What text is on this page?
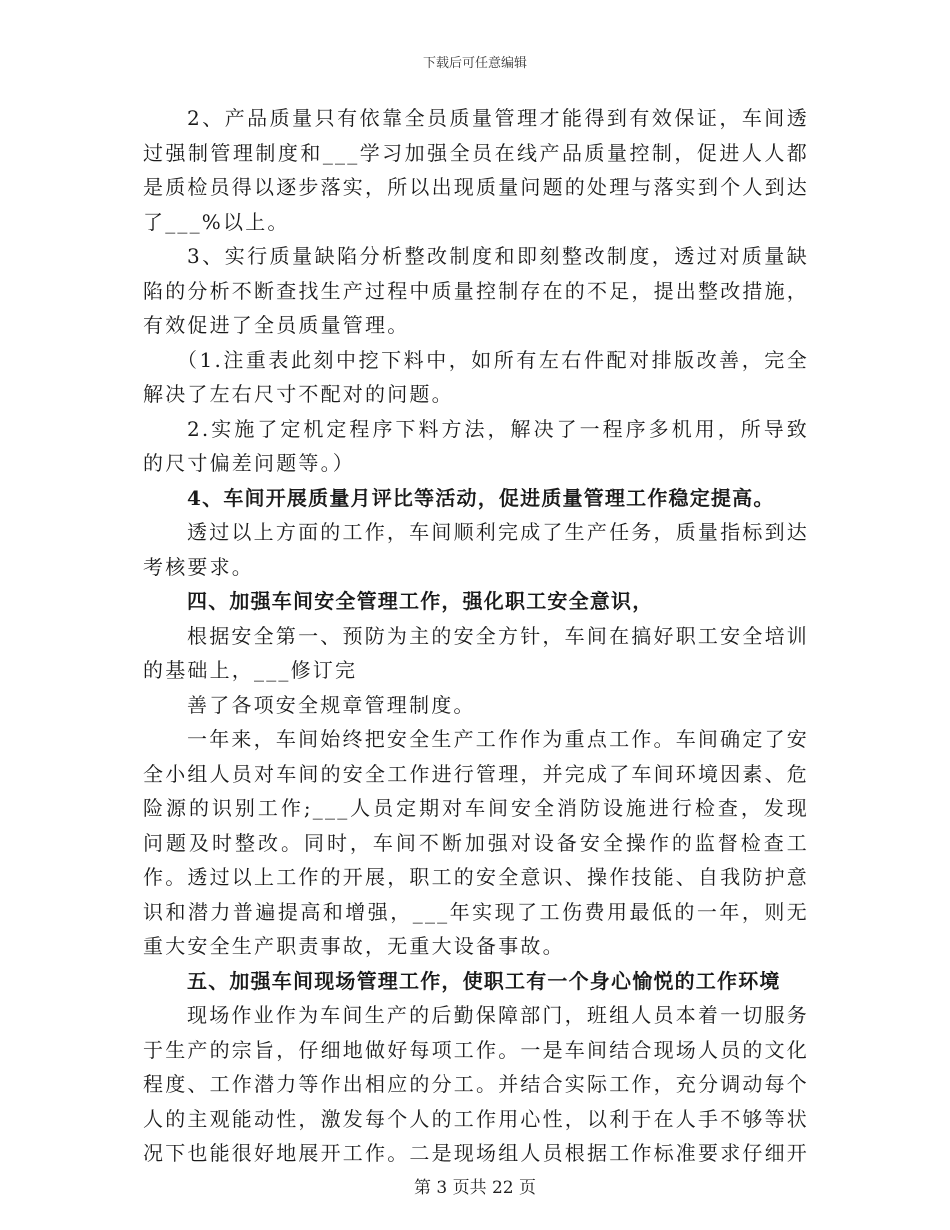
下载后可任意编辑

2、产品质量只有依靠全员质量管理才能得到有效保证，车间透过强制管理制度和___学习加强全员在线产品质量控制，促进人人都是质检员得以逐步落实，所以出现质量问题的处理与落实到个人到达了___%以上。

3、实行质量缺陷分析整改制度和即刻整改制度，透过对质量缺陷的分析不断查找生产过程中质量控制存在的不足，提出整改措施，有效促进了全员质量管理。

（1.注重表此刻中挖下料中，如所有左右件配对排版改善，完全解决了左右尺寸不配对的问题。

2.实施了定机定程序下料方法，解决了一程序多机用，所导致的尺寸偏差问题等。）

4、车间开展质量月评比等活动，促进质量管理工作稳定提高。

透过以上方面的工作，车间顺利完成了生产任务，质量指标到达考核要求。

四、加强车间安全管理工作，强化职工安全意识，

根据安全第一、预防为主的安全方针，车间在搞好职工安全培训的基础上，___修订完

善了各项安全规章管理制度。

一年来，车间始终把安全生产工作作为重点工作。车间确定了安全小组人员对车间的安全工作进行管理，并完成了车间环境因素、危险源的识别工作;___人员定期对车间安全消防设施进行检查，发现问题及时整改。同时，车间不断加强对设备安全操作的监督检查工作。透过以上工作的开展，职工的安全意识、操作技能、自我防护意识和潜力普遍提高和增强，___年实现了工伤费用最低的一年，则无重大安全生产职责事故，无重大设备事故。

五、加强车间现场管理工作，使职工有一个身心愉悦的工作环境

现场作业作为车间生产的后勤保障部门，班组人员本着一切服务于生产的宗旨，仔细地做好每项工作。一是车间结合现场人员的文化程度、工作潜力等作出相应的分工。并结合实际工作，充分调动每个人的主观能动性，激发每个人的工作用心性，以利于在人手不够等状况下也能很好地展开工作。二是现场组人员根据工作标准要求仔细开

第 3 页共 22 页
